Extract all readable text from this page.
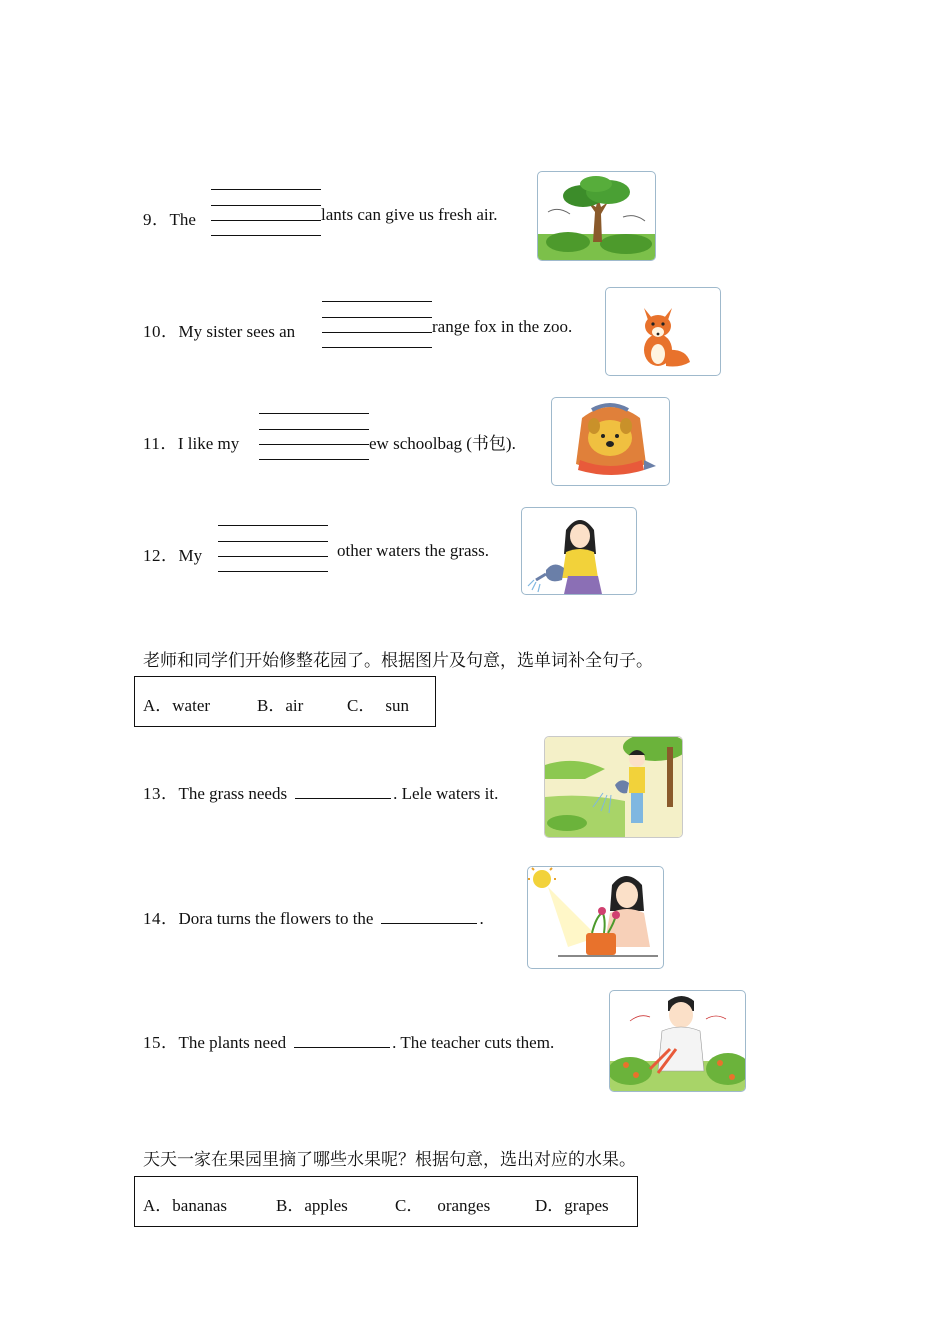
9．The	lants can give us fresh air.
10．My sister sees an	range fox in the zoo.
11．I like my	ew schoolbag (书包).
12．My	other waters the grass.
老师和同学们开始修整花园了。根据图片及句意，选单词补全句子。
A．water	B．air	C． sun
13．The grass needs	. Lele waters it.
14．Dora turns the flowers to the	.
15．The plants need	. The teacher cuts them.
天天一家在果园里摘了哪些水果呢？根据句意，选出对应的水果。
A．bananas	B．apples	C． oranges	D．grapes
